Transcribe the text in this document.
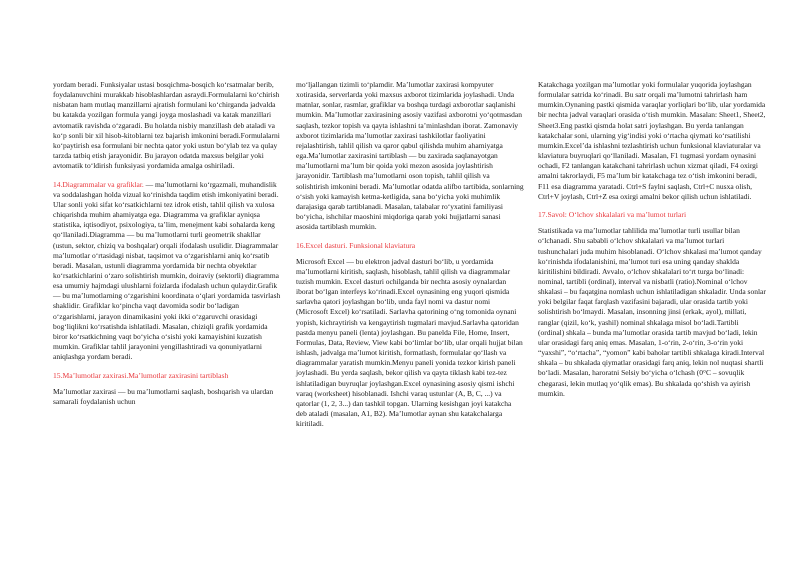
yordam beradi. Funksiyalar ustasi bosqichma-bosqich ko‘rsatmalar berib, foydalanuvchini murakkab hisoblashlardan asraydi.Formulalarni ko‘chirish nisbatan ham mutlaq manzillarni ajratish formulani ko‘chirganda jadvalda bu katakda yozilgan formula yangi joyga moslashadi va katak manzillari avtomatik ravishda o‘zgaradi. Bu holatda nisbiy manzillash deb ataladi va ko‘p sonli bir xil hisob-kitoblarni tez bajarish imkonini beradi.Formulalarni ko‘paytirish esa formulani bir nechta qator yoki ustun bo‘ylab tez va qulay tarzda tatbiq etish jarayonidir. Bu jarayon odatda maxsus belgilar yoki avtomatik to‘ldirish funksiyasi yordamida amalga oshiriladi.

14.Diagrammalar va grafiklar. — ma’lumotlarni ko‘rgazmali, muhandislik va soddalashgan holda vizual ko‘rinishda taqdim etish imkoniyatini beradi. Ular sonli yoki sifat ko‘rsatkichlarni tez idrok etish, tahlil qilish va xulosa chiqarishda muhim ahamiyatga ega. Diagramma va grafiklar ayniqsa statistika, iqtisodiyot, psixologiya, ta’lim, menejment kabi sohalarda keng qo‘llaniladi.Diagramma — bu ma’lumotlarni turli geometrik shakllar (ustun, sektor, chiziq va boshqalar) orqali ifodalash usulidir. Diagrammalar ma’lumotlar o‘rtasidagi nisbat, taqsimot va o‘zgarishlarni aniq ko‘rsatib beradi. Masalan, ustunli diagramma yordamida bir nechta obyektlar ko‘rsatkichlarini o‘zaro solishtirish mumkin, doiraviy (sektorli) diagramma esa umumiy hajmdagi ulushlarni foizlarda ifodalash uchun qulaydir.Grafik — bu ma’lumotlarning o‘zgarishini koordinata o‘qlari yordamida tasvirlash shaklidir. Grafiklar ko‘pincha vaqt davomida sodir bo‘ladigan o‘zgarishlarni, jarayon dinamikasini yoki ikki o‘zgaruvchi orasidagi bog‘liqlikni ko‘rsatishda ishlatiladi. Masalan, chiziqli grafik yordamida biror ko‘rsatkichning vaqt bo‘yicha o‘sishi yoki kamayishini kuzatish mumkin. Grafiklar tahlil jarayonini yengillashtiradi va qonuniyatlarni aniqlashga yordam beradi.

15.Ma’lumotlar zaxirasi.Ma’lumotlar zaxirasini tartiblash

Ma’lumotlar zaxirasi — bu ma’lumotlarni saqlash, boshqarish va ulardan samarali foydalanish uchun

mo‘ljallangan tizimli to‘plamdir. Ma’lumotlar zaxirasi kompyuter xotirasida, serverlarda yoki maxsus axborot tizimlarida joylashadi. Unda matnlar, sonlar, rasmlar, grafiklar va boshqa turdagi axborotlar saqlanishi mumkin. Ma’lumotlar zaxirasining asosiy vazifasi axborotni yo‘qotmasdan saqlash, tezkor topish va qayta ishlashni ta’minlashdan iborat. Zamonaviy axborot tizimlarida ma’lumotlar zaxirasi tashkilotlar faoliyatini rejalashtirish, tahlil qilish va qaror qabul qilishda muhim ahamiyatga ega.Ma’lumotlar zaxirasini tartiblash — bu zaxirada saqlanayotgan ma’lumotlarni ma’lum bir qoida yoki mezon asosida joylashtirish jarayonidir. Tartiblash ma’lumotlarni oson topish, tahlil qilish va solishtirish imkonini beradi. Ma’lumotlar odatda alifbo tartibida, sonlarning o‘sish yoki kamayish ketma-ketligida, sana bo‘yicha yoki muhimlik darajasiga qarab tartiblanadi. Masalan, talabalar ro‘yxatini familiyasi bo‘yicha, ishchilar maoshini miqdoriga qarab yoki hujjatlarni sanasi asosida tartiblash mumkin.

16.Excel dasturi. Funksional klaviatura

Microsoft Excel — bu elektron jadval dasturi bo‘lib, u yordamida ma’lumotlarni kiritish, saqlash, hisoblash, tahlil qilish va diagrammalar tuzish mumkin. Excel dasturi ochilganda bir nechta asosiy oynalardan iborat bo‘lgan interfeys ko‘rinadi.Excel oynasining eng yuqori qismida sarlavha qatori joylashgan bo‘lib, unda fayl nomi va dastur nomi (Microsoft Excel) ko‘rsatiladi. Sarlavha qatorining o‘ng tomonida oynani yopish, kichraytirish va kengaytirish tugmalari mavjud.Sarlavha qatoridan pastda menyu paneli (lenta) joylashgan. Bu panelda File, Home, Insert, Formulas, Data, Review, View kabi bo‘limlar bo‘lib, ular orqali hujjat bilan ishlash, jadvalga ma’lumot kiritish, formatlash, formulalar qo‘llash va diagrammalar yaratish mumkin.Menyu paneli yonida tezkor kirish paneli joylashadi. Bu yerda saqlash, bekor qilish va qayta tiklash kabi tez-tez ishlatiladigan buyruqlar joylashgan.Excel oynasining asosiy qismi ishchi varaq (worksheet) hisoblanadi. Ishchi varaq ustunlar (A, B, C, ...) va qatorlar (1, 2, 3...) dan tashkil topgan. Ularning kesishgan joyi katakcha deb ataladi (masalan, A1, B2). Ma’lumotlar aynan shu katakchalarga kiritiladi.

Katakchaga yozilgan ma’lumotlar yoki formulalar yuqorida joylashgan formulalar satrida ko‘rinadi. Bu satr orqali ma’lumotni tahrirlash ham mumkin.Oynaning pastki qismida varaqlar yorliqlari bo‘lib, ular yordamida bir nechta jadval varaqlari orasida o‘tish mumkin. Masalan: Sheet1, Sheet2, Sheet3.Eng pastki qismda holat satri joylashgan. Bu yerda tanlangan katakchalar soni, ularning yig‘indisi yoki o‘rtacha qiymati ko‘rsatilishi mumkin.Excel’da ishlashni tezlashtirish uchun funksional klaviaturalar va klaviatura buyruqlari qo‘llaniladi. Masalan, F1 tugmasi yordam oynasini ochadi, F2 tanlangan katakchani tahrirlash uchun xizmat qiladi, F4 oxirgi amalni takrorlaydi, F5 ma’lum bir katakchaga tez o‘tish imkonini beradi, F11 esa diagramma yaratadi. Ctrl+S faylni saqlash, Ctrl+C nusxa olish, Ctrl+V joylash, Ctrl+Z esa oxirgi amalni bekor qilish uchun ishlatiladi.

17.Savol: O‘lchov shkalalari va ma’lumot turlari

Statistikada va ma’lumotlar tahlilida ma’lumotlar turli usullar bilan o‘lchanadi. Shu sababli o‘lchov shkalalari va ma’lumot turlari tushunchalari juda muhim hisoblanadi. O‘lchov shkalasi ma’lumot qanday ko‘rinishda ifodalanishini, ma’lumot turi esa uning qanday shaklda kiritilishini bildiradi. Avvalo, o‘lchov shkalalari to‘rt turga bo‘linadi: nominal, tartibli (ordinal), interval va nisbatli (ratio).Nominal o‘lchov shkalasi – bu faqatgina nomlash uchun ishlatiladigan shkaladir. Unda sonlar yoki belgilar faqat farqlash vazifasini bajaradi, ular orasida tartib yoki solishtirish bo‘lmaydi. Masalan, insonning jinsi (erkak, ayol), millati, ranglar (qizil, ko‘k, yashil) nominal shkalaga misol bo‘ladi.Tartibli (ordinal) shkala – bunda ma’lumotlar orasida tartib mavjud bo‘ladi, lekin ular orasidagi farq aniq emas. Masalan, 1-o‘rin, 2-o‘rin, 3-o‘rin yoki “yaxshi”, “o‘rtacha”, “yomon” kabi baholar tartibli shkalaga kiradi.Interval shkala – bu shkalada qiymatlar orasidagi farq aniq, lekin nol nuqtasi shartli bo‘ladi. Masalan, haroratni Selsiy bo‘yicha o‘lchash (0°C – sovuqlik chegarasi, lekin mutlaq yo‘qlik emas). Bu shkalada qo‘shish va ayirish mumkin.
